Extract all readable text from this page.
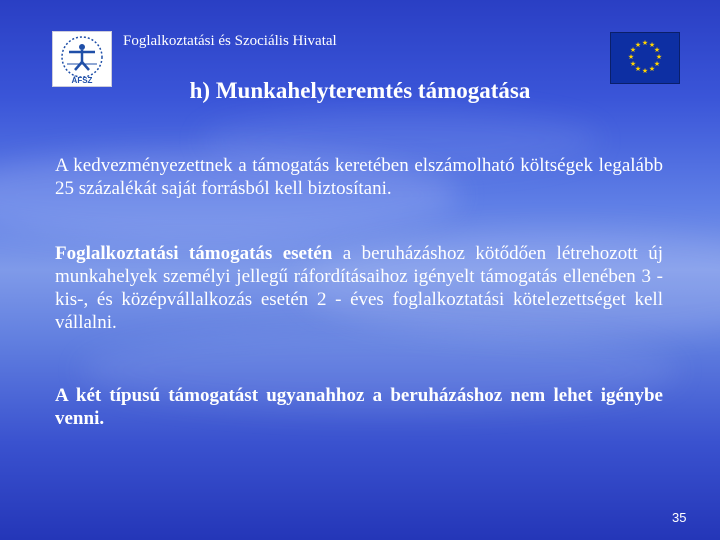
ÁFSZ
Foglalkoztatási és Szociális Hivatal	★ ★
★
★
★
★
★
★
★
★
★
★
h) Munkahelyteremtés támogatása

A kedvezményezettnek a támogatás keretében elszámolható költségek legalább 25 százalékát saját forrásból kell biztosítani.

Foglalkoztatási támogatás esetén a beruházáshoz kötődően létrehozott új munkahelyek személyi jellegű ráfordításaihoz igényelt támogatás ellenében 3 - kis-, és középvállalkozás esetén 2 - éves foglalkoztatási kötelezettséget kell vállalni.

A két típusú támogatást ugyanahhoz a beruházáshoz nem lehet igénybe venni.

35
